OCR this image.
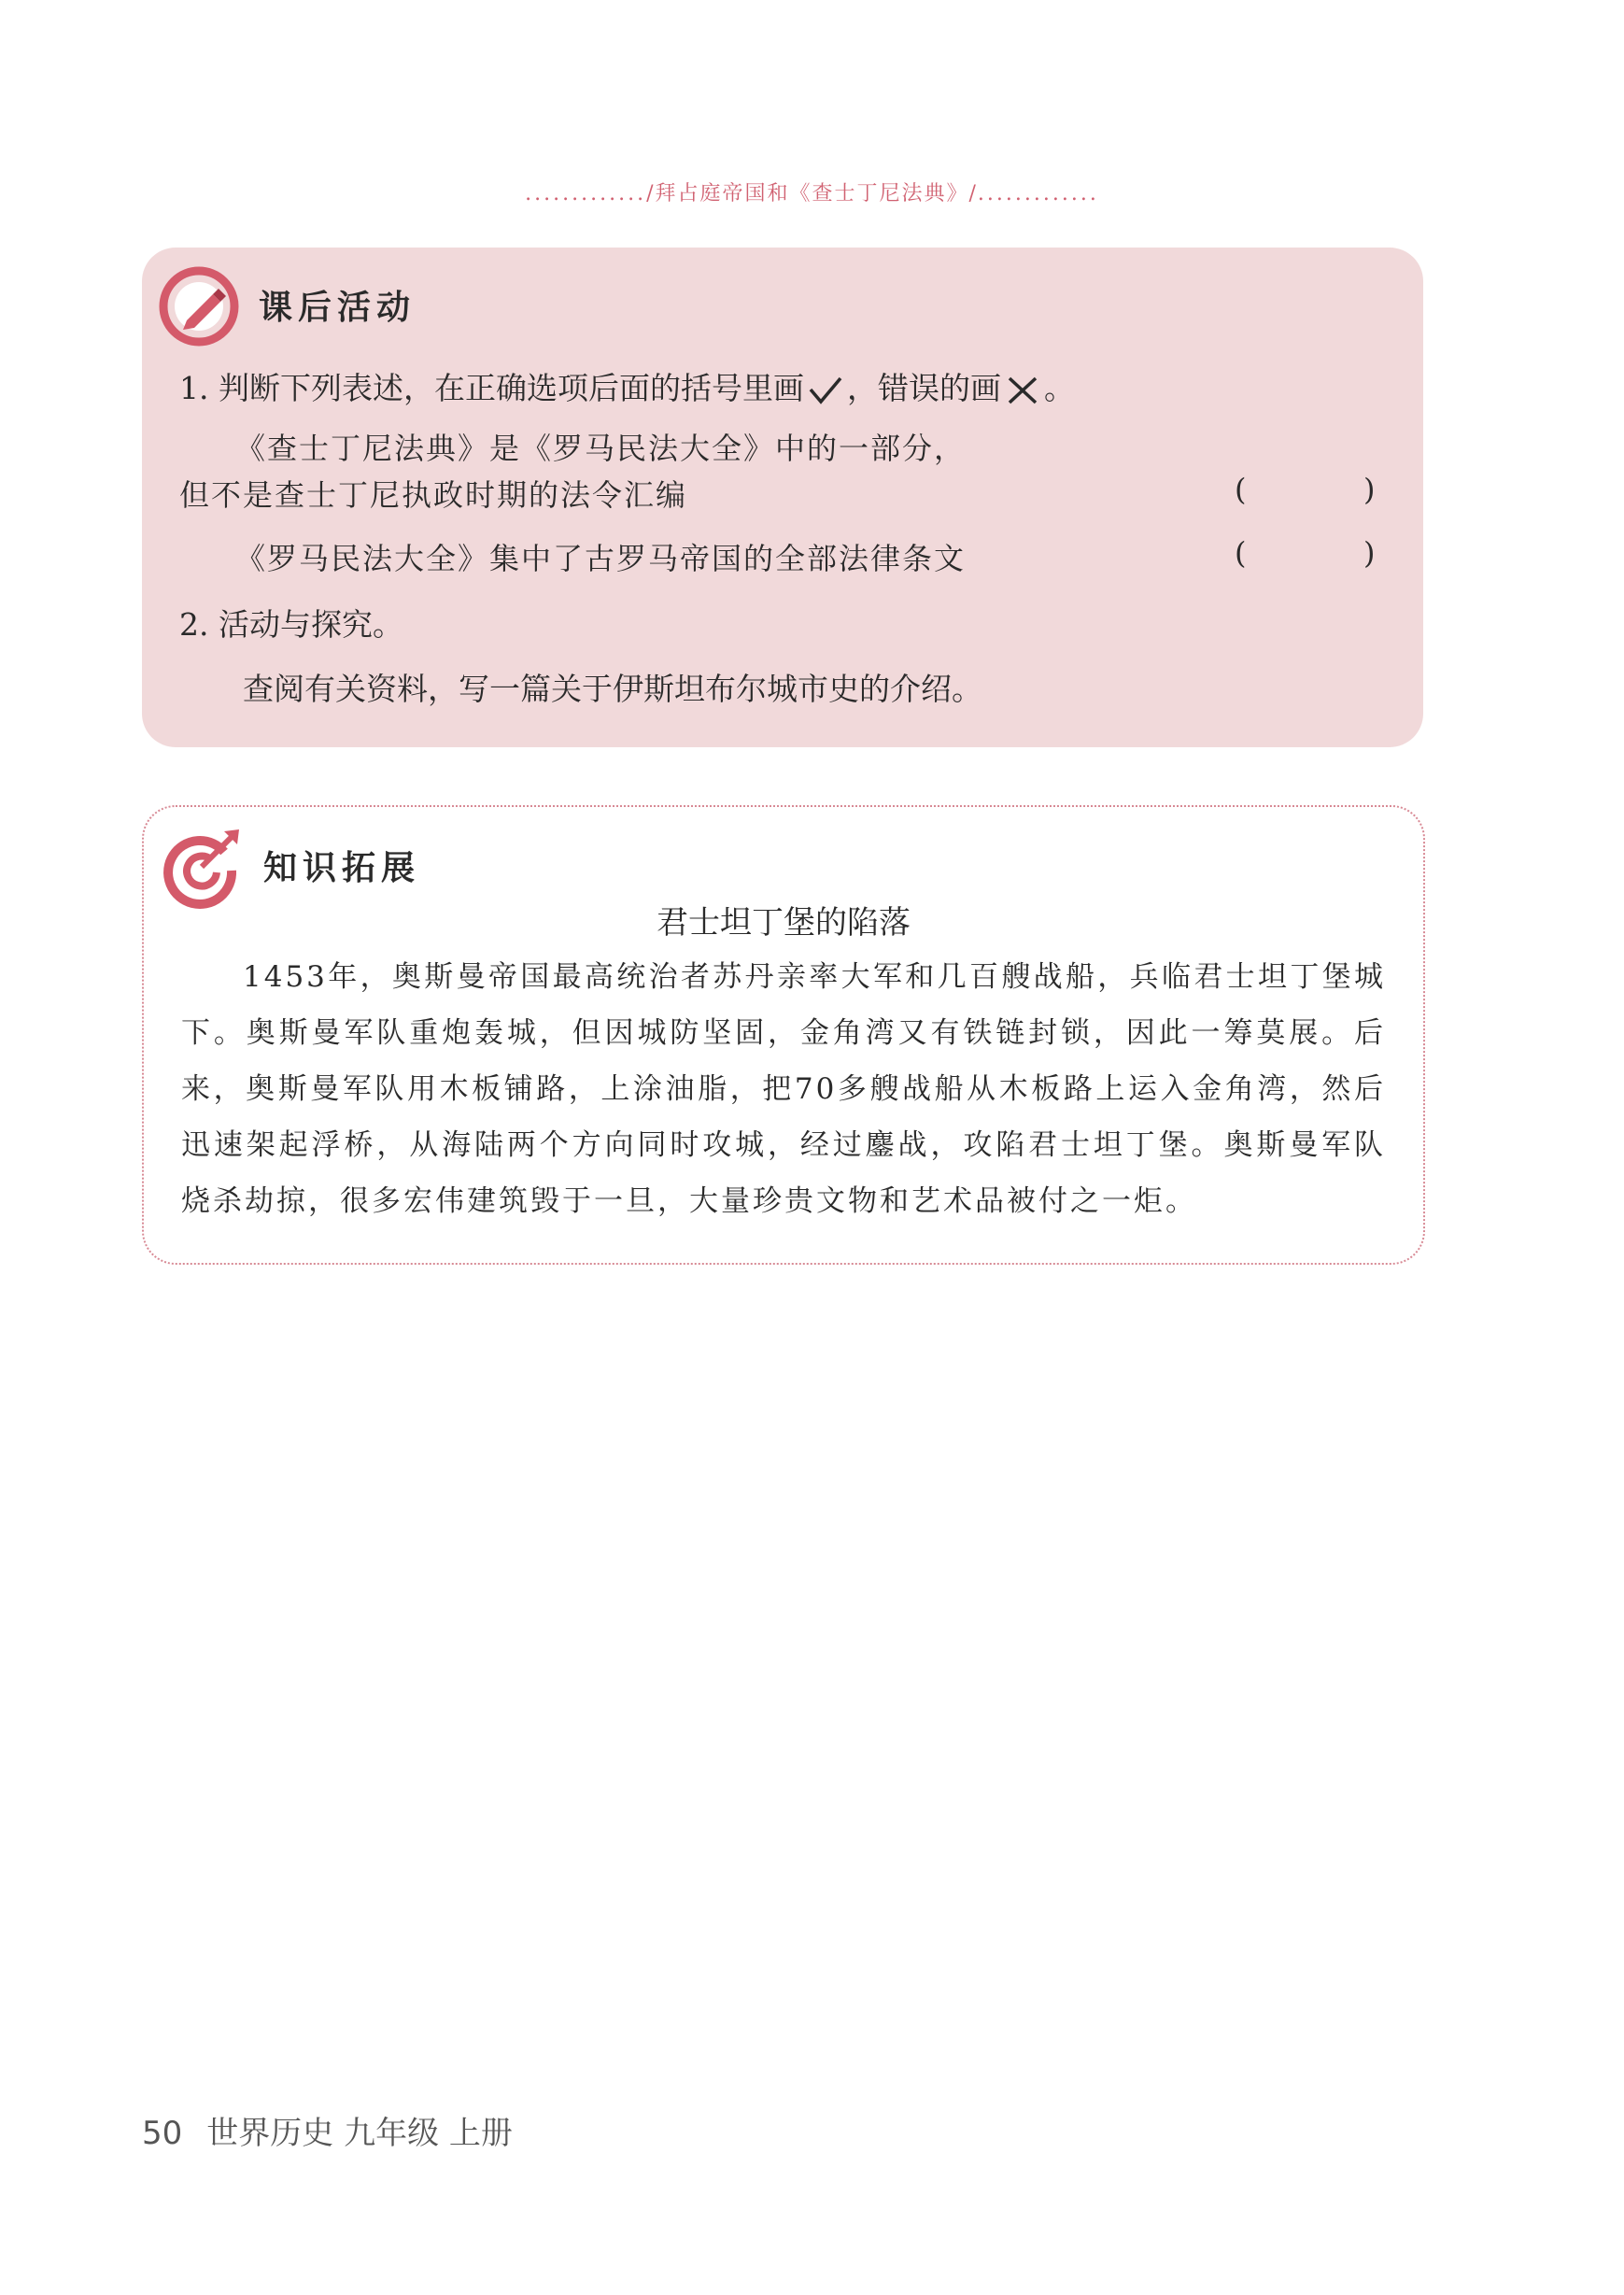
............./拜占庭帝国和《查士丁尼法典》/.............
课后活动
1. 判断下列表述，在正确选项后面的括号里画 ，错误的画 。
《查士丁尼法典》是《罗马民法大全》中的一部分，
但不是查士丁尼执政时期的法令汇编	(	)
《罗马民法大全》集中了古罗马帝国的全部法律条文	(	)
2. 活动与探究。
查阅有关资料，写一篇关于伊斯坦布尔城市史的介绍。
知识拓展
君士坦丁堡的陷落
1453年，奥斯曼帝国最高统治者苏丹亲率大军和几百艘战船，兵临君士坦丁堡城下。奥斯曼军队重炮轰城，但因城防坚固，金角湾又有铁链封锁，因此一筹莫展。后来，奥斯曼军队用木板铺路，上涂油脂，把70多艘战船从木板路上运入金角湾，然后迅速架起浮桥，从海陆两个方向同时攻城，经过鏖战，攻陷君士坦丁堡。奥斯曼军队烧杀劫掠，很多宏伟建筑毁于一旦，大量珍贵文物和艺术品被付之一炬。
50 世界历史 九年级 上册
